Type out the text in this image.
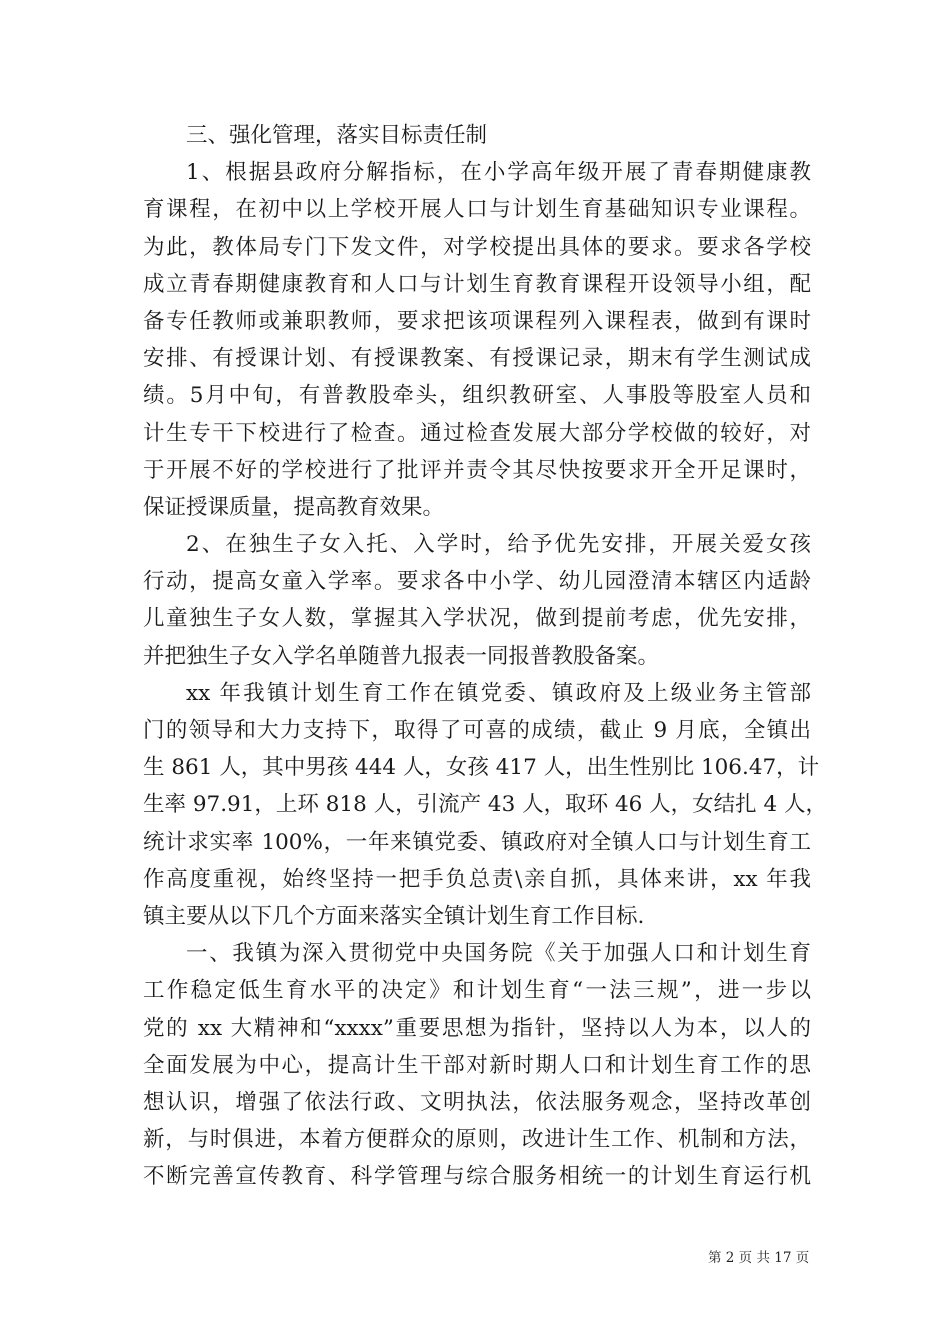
三、强化管理，落实目标责任制
1、根据县政府分解指标，在小学高年级开展了青春期健康教
育课程，在初中以上学校开展人口与计划生育基础知识专业课程。
为此，教体局专门下发文件，对学校提出具体的要求。要求各学校
成立青春期健康教育和人口与计划生育教育课程开设领导小组，配
备专任教师或兼职教师，要求把该项课程列入课程表，做到有课时
安排、有授课计划、有授课教案、有授课记录，期末有学生测试成
绩。5月中旬，有普教股牵头，组织教研室、人事股等股室人员和
计生专干下校进行了检查。通过检查发展大部分学校做的较好，对
于开展不好的学校进行了批评并责令其尽快按要求开全开足课时，
保证授课质量，提高教育效果。
2、在独生子女入托、入学时，给予优先安排，开展关爱女孩
行动，提高女童入学率。要求各中小学、幼儿园澄清本辖区内适龄
儿童独生子女人数，掌握其入学状况，做到提前考虑，优先安排，
并把独生子女入学名单随普九报表一同报普教股备案。
xx 年我镇计划生育工作在镇党委、镇政府及上级业务主管部
门的领导和大力支持下，取得了可喜的成绩，截止 9 月底，全镇出
生 861 人，其中男孩 444 人，女孩 417 人，出生性别比 106.47，计
生率 97.91，上环 818 人，引流产 43 人，取环 46 人，女结扎 4 人，
统计求实率 100%，一年来镇党委、镇政府对全镇人口与计划生育工
作高度重视，始终坚持一把手负总责\亲自抓，具体来讲，xx 年我
镇主要从以下几个方面来落实全镇计划生育工作目标.
一、我镇为深入贯彻党中央国务院《关于加强人口和计划生育
工作稳定低生育水平的决定》和计划生育“一法三规”，进一步以
党的 xx 大精神和“xxxx”重要思想为指针，坚持以人为本，以人的
全面发展为中心，提高计生干部对新时期人口和计划生育工作的思
想认识，增强了依法行政、文明执法，依法服务观念，坚持改革创
新，与时俱进，本着方便群众的原则，改进计生工作、机制和方法，
不断完善宣传教育、科学管理与综合服务相统一的计划生育运行机
第 2 页 共 17 页
